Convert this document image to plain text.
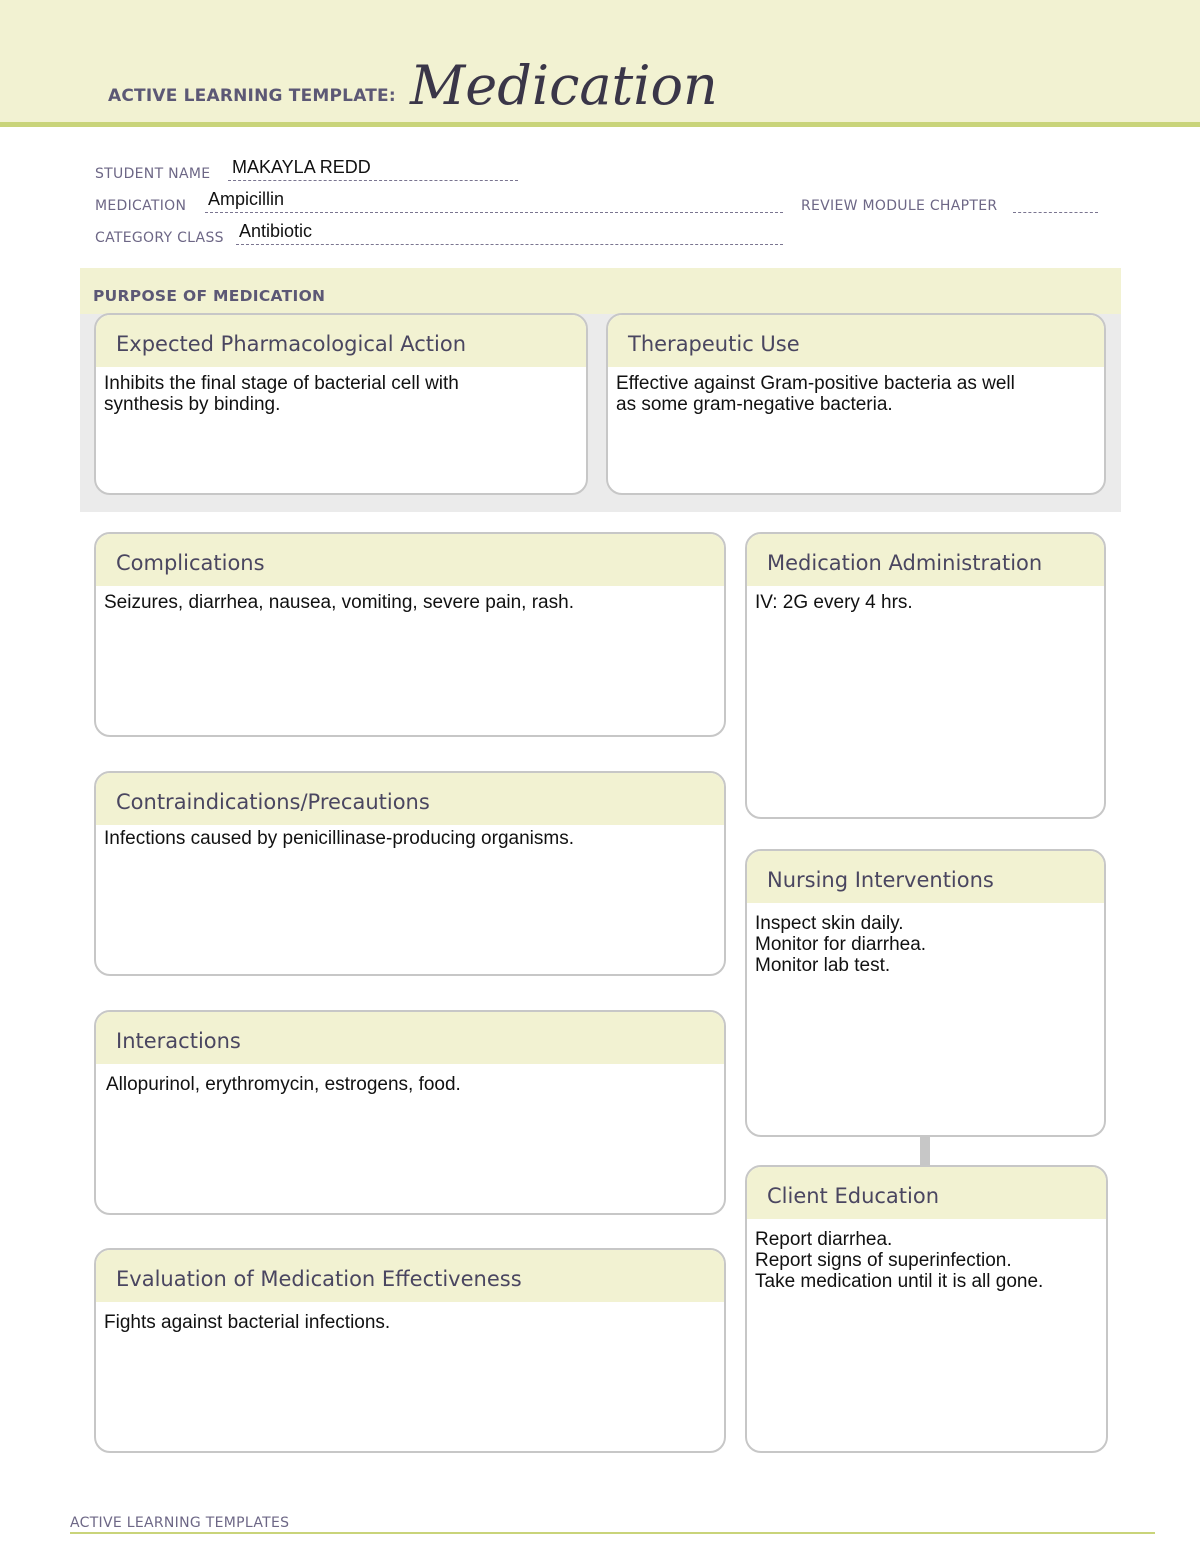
ACTIVE LEARNING TEMPLATE: Medication
STUDENT NAME MAKAYLA REDD
MEDICATION Ampicillin	REVIEW MODULE CHAPTER
CATEGORY CLASS Antibiotic
PURPOSE OF MEDICATION
Expected Pharmacological Action
Inhibits the final stage of bacterial cell with
synthesis by binding.
Therapeutic Use
Effective against Gram-positive bacteria as well
as some gram-negative bacteria.
Complications
Seizures, diarrhea, nausea, vomiting, severe pain, rash.
Medication Administration
IV: 2G every 4 hrs.
Contraindications/Precautions
Infections caused by penicillinase-producing organisms.
Nursing Interventions
Inspect skin daily.
Monitor for diarrhea.
Monitor lab test.
Interactions
Allopurinol, erythromycin, estrogens, food.
Client Education
Report diarrhea.
Report signs of superinfection.
Take medication until it is all gone.
Evaluation of Medication Effectiveness
Fights against bacterial infections.
ACTIVE LEARNING TEMPLATES
